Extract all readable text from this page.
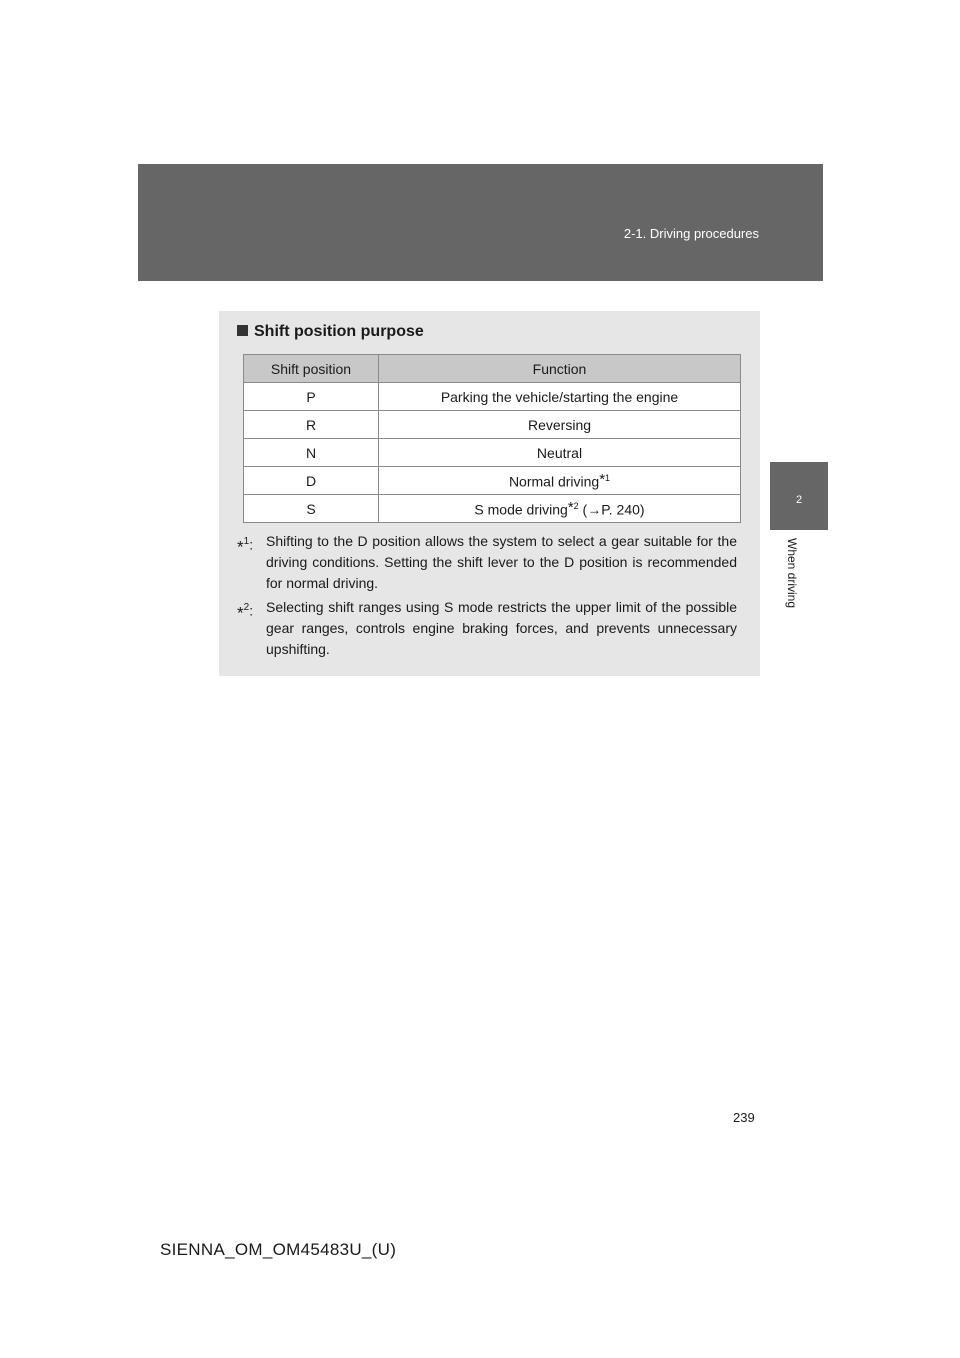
2-1. Driving procedures
2
When driving
Shift position purpose
Shift position	Function
P	Parking the vehicle/starting the engine
R	Reversing
N	Neutral
D	Normal driving$^{*1}$
S	S mode driving$^{*2}$ (→P. 240)
*$^1$: Shifting to the D position allows the system to select a gear suitable for the driving conditions. Setting the shift lever to the D position is recommended for normal driving.
*$^2$: Selecting shift ranges using S mode restricts the upper limit of the possible gear ranges, controls engine braking forces, and prevents unnecessary upshifting.
239
SIENNA_OM_OM45483U_(U)
